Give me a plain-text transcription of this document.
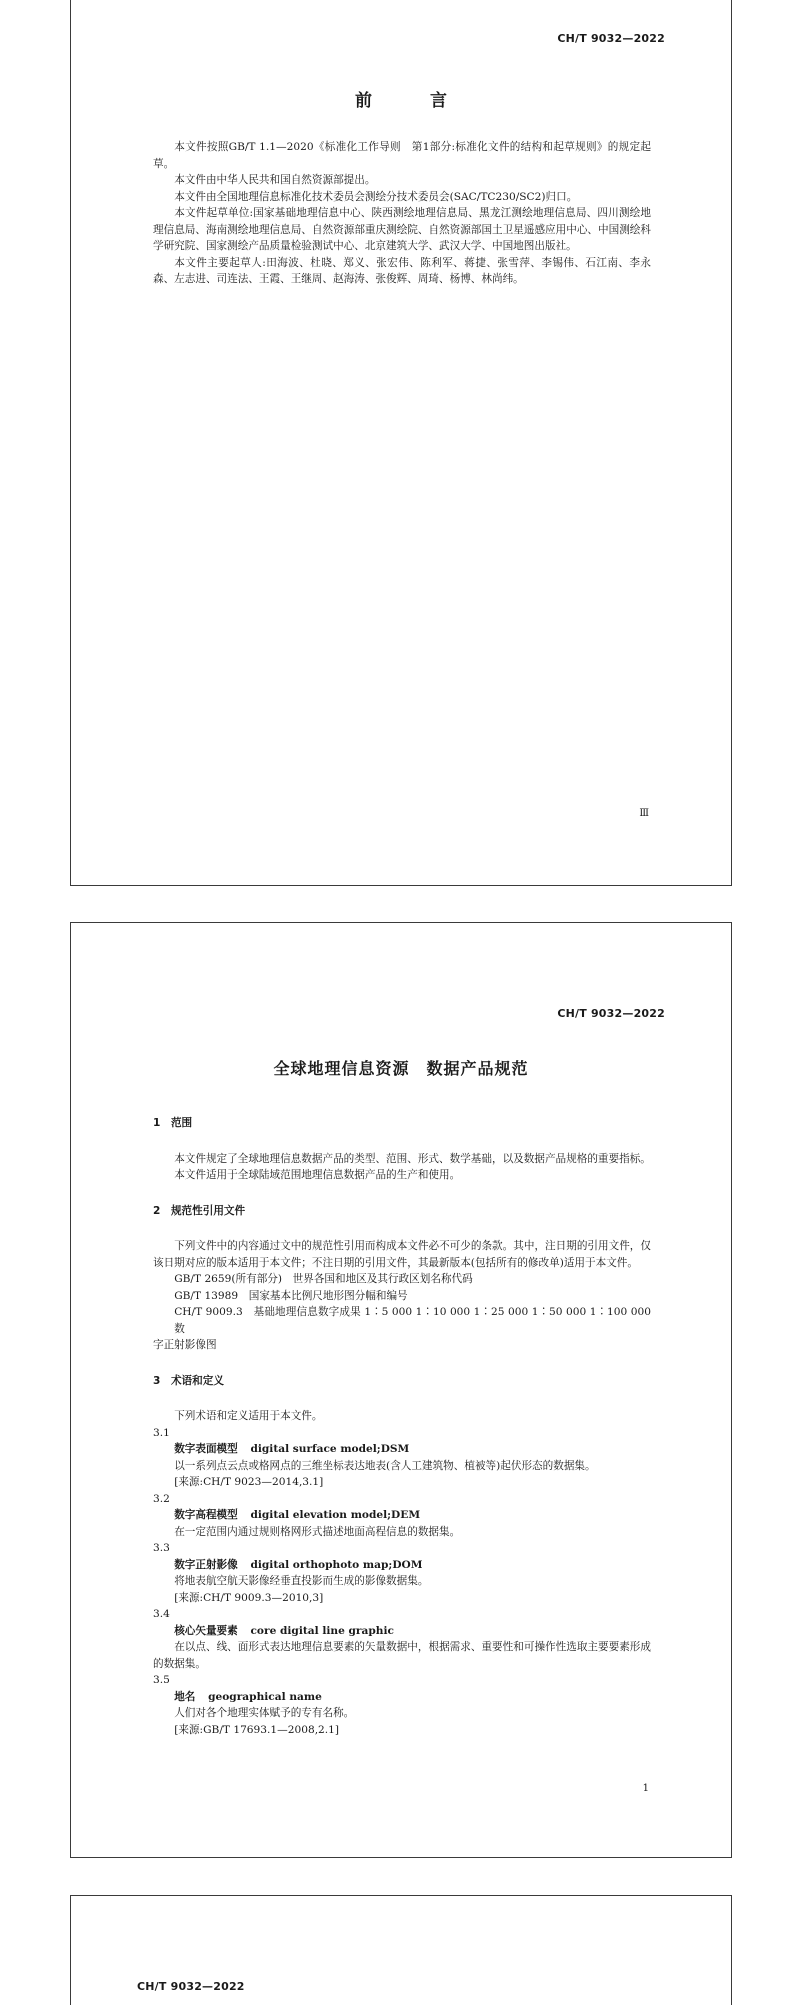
CH/T 9032—2022
前 言

本文件按照GB/T 1.1—2020《标准化工作导则　第1部分:标准化文件的结构和起草规则》的规定起草。

本文件由中华人民共和国自然资源部提出。

本文件由全国地理信息标准化技术委员会测绘分技术委员会(SAC/TC230/SC2)归口。

本文件起草单位:国家基础地理信息中心、陕西测绘地理信息局、黑龙江测绘地理信息局、四川测绘地理信息局、海南测绘地理信息局、自然资源部重庆测绘院、自然资源部国土卫星遥感应用中心、中国测绘科学研究院、国家测绘产品质量检验测试中心、北京建筑大学、武汉大学、中国地图出版社。

本文件主要起草人:田海波、杜晓、郑义、张宏伟、陈利军、蒋捷、张雪萍、李锡伟、石江南、李永森、左志进、司连法、王霞、王继周、赵海涛、张俊辉、周琦、杨博、林尚纬。

Ⅲ
CH/T 9032—2022
全球地理信息资源　数据产品规范

1　范围

本文件规定了全球地理信息数据产品的类型、范围、形式、数学基础，以及数据产品规格的重要指标。

本文件适用于全球陆域范围地理信息数据产品的生产和使用。

2　规范性引用文件

下列文件中的内容通过文中的规范性引用而构成本文件必不可少的条款。其中，注日期的引用文件，仅该日期对应的版本适用于本文件；不注日期的引用文件，其最新版本(包括所有的修改单)适用于本文件。

GB/T 2659(所有部分)　世界各国和地区及其行政区划名称代码

GB/T 13989　国家基本比例尺地形图分幅和编号

CH/T 9009.3　基础地理信息数字成果 1∶5 000 1∶10 000 1∶25 000 1∶50 000 1∶100 000 数

字正射影像图

3　术语和定义

下列术语和定义适用于本文件。

3.1

数字表面模型 digital surface model;DSM

以一系列点云点或格网点的三维坐标表达地表(含人工建筑物、植被等)起伏形态的数据集。

[来源:CH/T 9023—2014,3.1]

3.2

数字高程模型 digital elevation model;DEM

在一定范围内通过规则格网形式描述地面高程信息的数据集。

3.3

数字正射影像 digital orthophoto map;DOM

将地表航空航天影像经垂直投影而生成的影像数据集。

[来源:CH/T 9009.3—2010,3]

3.4

核心矢量要素 core digital line graphic

在以点、线、面形式表达地理信息要素的矢量数据中，根据需求、重要性和可操作性选取主要要素形成的数据集。

3.5

地名 geographical name

人们对各个地理实体赋予的专有名称。

[来源:GB/T 17693.1—2008,2.1]

1
CH/T 9032—2022
